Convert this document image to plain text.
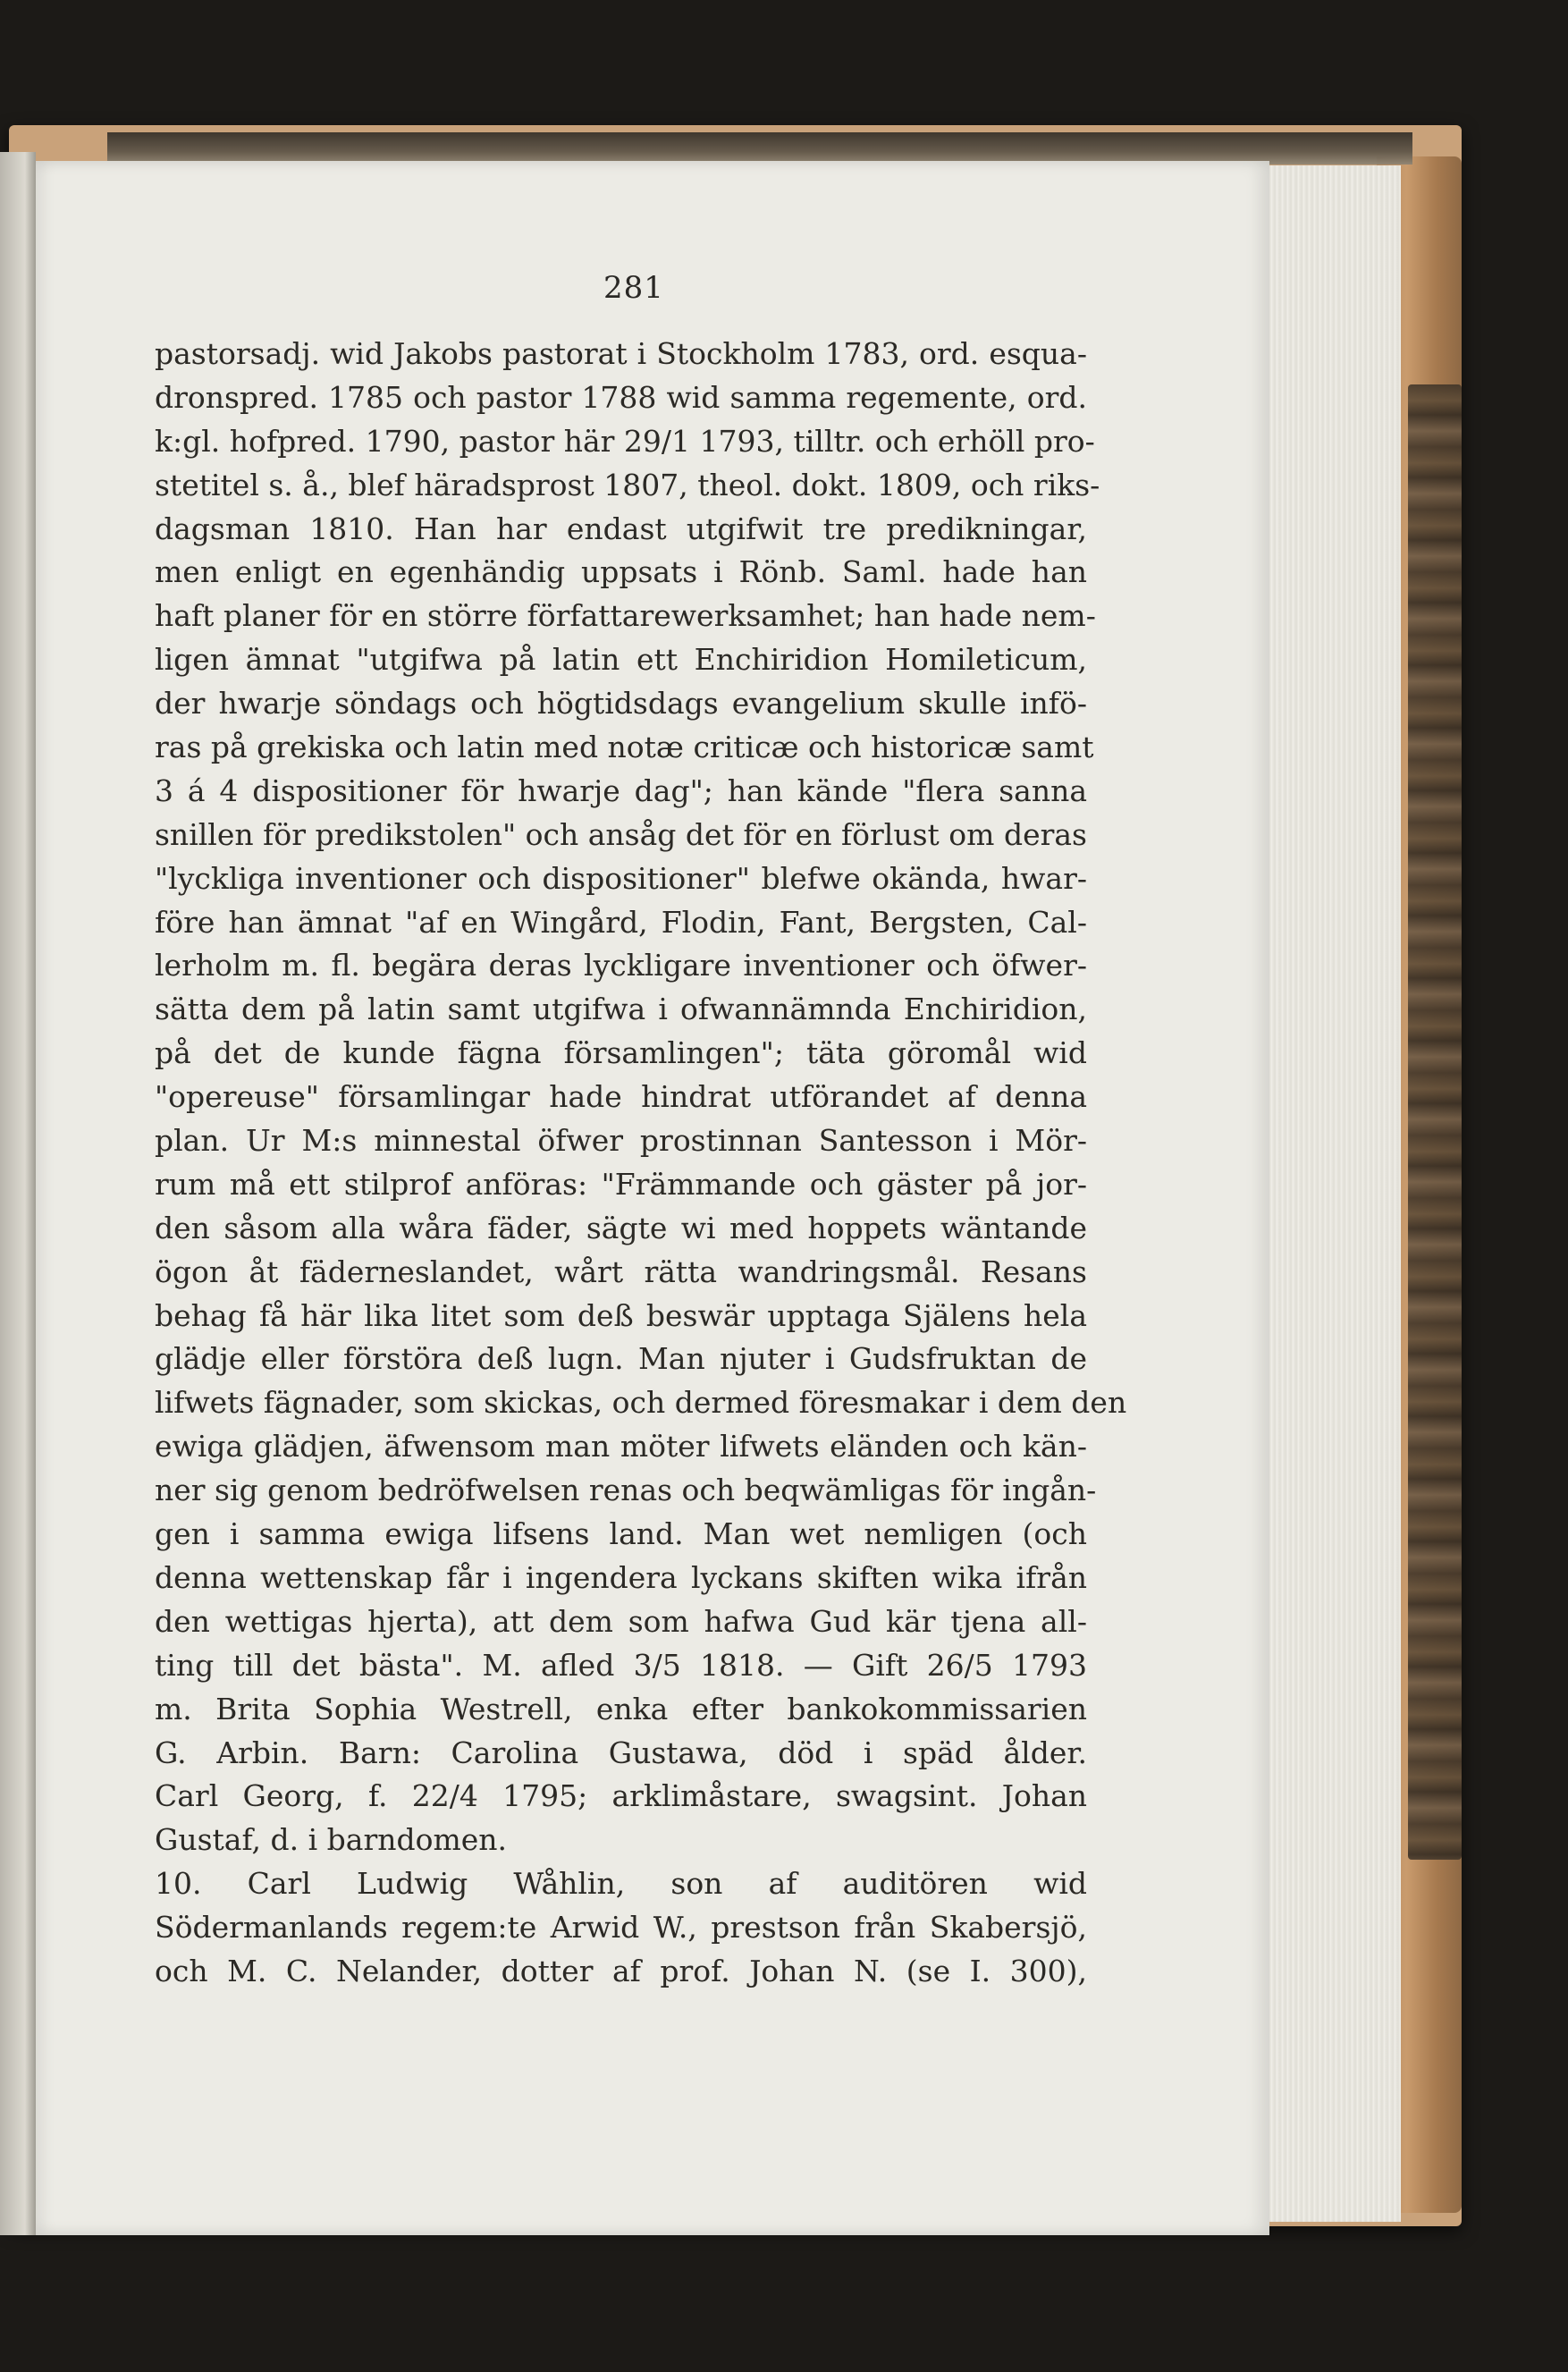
281
pastorsadj. wid Jakobs pastorat i Stockholm 1783, ord. esqua-
dronspred. 1785 och pastor 1788 wid samma regemente, ord.
k:gl. hofpred. 1790, pastor här 29/1 1793, tilltr. och erhöll pro-
stetitel s. å., blef häradsprost 1807, theol. dokt. 1809, och riks-
dagsman 1810. Han har endast utgifwit tre predikningar,
men enligt en egenhändig uppsats i Rönb. Saml. hade han
haft planer för en större författarewerksamhet; han hade nem-
ligen ämnat "utgifwa på latin ett Enchiridion Homileticum,
der hwarje söndags och högtidsdags evangelium skulle infö-
ras på grekiska och latin med notæ criticæ och historicæ samt
3 á 4 dispositioner för hwarje dag"; han kände "flera sanna
snillen för predikstolen" och ansåg det för en förlust om deras
"lyckliga inventioner och dispositioner" blefwe okända, hwar-
före han ämnat "af en Wingård, Flodin, Fant, Bergsten, Cal-
lerholm m. fl. begära deras lyckligare inventioner och öfwer-
sätta dem på latin samt utgifwa i ofwannämnda Enchiridion,
på det de kunde fägna församlingen"; täta göromål wid
"opereuse" församlingar hade hindrat utförandet af denna
plan. Ur M:s minnestal öfwer prostinnan Santesson i Mör-
rum må ett stilprof anföras: "Främmande och gäster på jor-
den såsom alla wåra fäder, sägte wi med hoppets wäntande
ögon åt fäderneslandet, wårt rätta wandringsmål. Resans
behag få här lika litet som deß beswär upptaga Själens hela
glädje eller förstöra deß lugn. Man njuter i Gudsfruktan de
lifwets fägnader, som skickas, och dermed föresmakar i dem den
ewiga glädjen, äfwensom man möter lifwets eländen och kän-
ner sig genom bedröfwelsen renas och beqwämligas för ingån-
gen i samma ewiga lifsens land. Man wet nemligen (och
denna wettenskap får i ingendera lyckans skiften wika ifrån
den wettigas hjerta), att dem som hafwa Gud kär tjena all-
ting till det bästa". M. afled 3/5 1818. — Gift 26/5 1793
m. Brita Sophia Westrell, enka efter bankokommissarien
G. Arbin. Barn: Carolina Gustawa, död i späd ålder.
Carl Georg, f. 22/4 1795; arklimåstare, swagsint. Johan
Gustaf, d. i barndomen.
10. Carl Ludwig Wåhlin, son af auditören wid
Södermanlands regem:te Arwid W., prestson från Skabersjö,
och M. C. Nelander, dotter af prof. Johan N. (se I. 300),
